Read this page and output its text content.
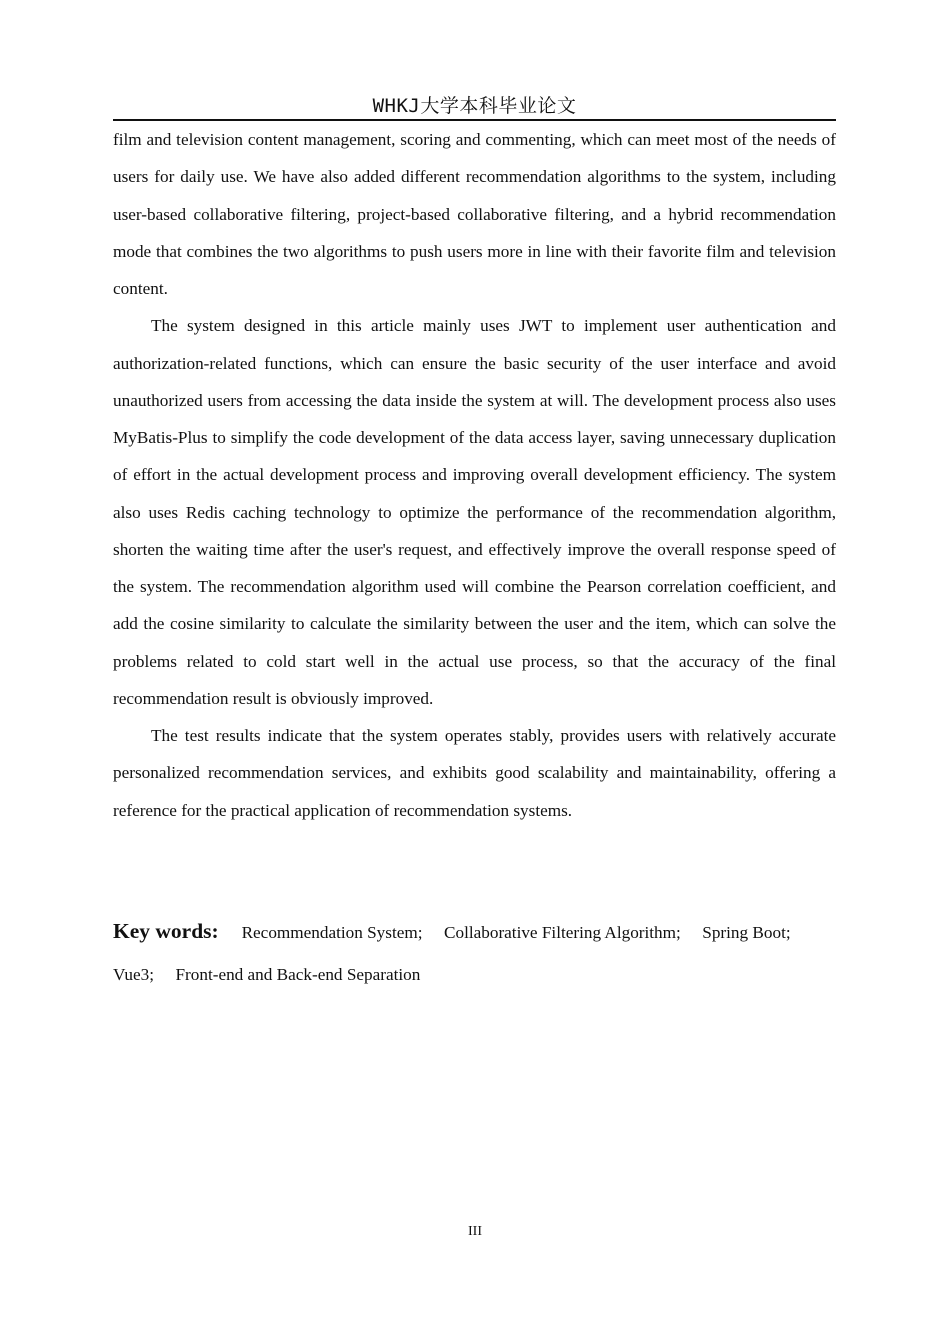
WHKJ大学本科毕业论文

film and television content management, scoring and commenting, which can meet most of the needs of users for daily use. We have also added different recommendation algorithms to the system, including user-based collaborative filtering, project-based collaborative filtering, and a hybrid recommendation mode that combines the two algorithms to push users more in line with their favorite film and television content.

The system designed in this article mainly uses JWT to implement user authentication and authorization-related functions, which can ensure the basic security of the user interface and avoid unauthorized users from accessing the data inside the system at will. The development process also uses MyBatis-Plus to simplify the code development of the data access layer, saving unnecessary duplication of effort in the actual development process and improving overall development efficiency. The system also uses Redis caching technology to optimize the performance of the recommendation algorithm, shorten the waiting time after the user's request, and effectively improve the overall response speed of the system. The recommendation algorithm used will combine the Pearson correlation coefficient, and add the cosine similarity to calculate the similarity between the user and the item, which can solve the problems related to cold start well in the actual use process, so that the accuracy of the final recommendation result is obviously improved.

The test results indicate that the system operates stably, provides users with relatively accurate personalized recommendation services, and exhibits good scalability and maintainability, offering a reference for the practical application of recommendation systems.

Key words: Recommendation System; Collaborative Filtering Algorithm; Spring Boot;     Vue3; Front-end and Back-end Separation
III
